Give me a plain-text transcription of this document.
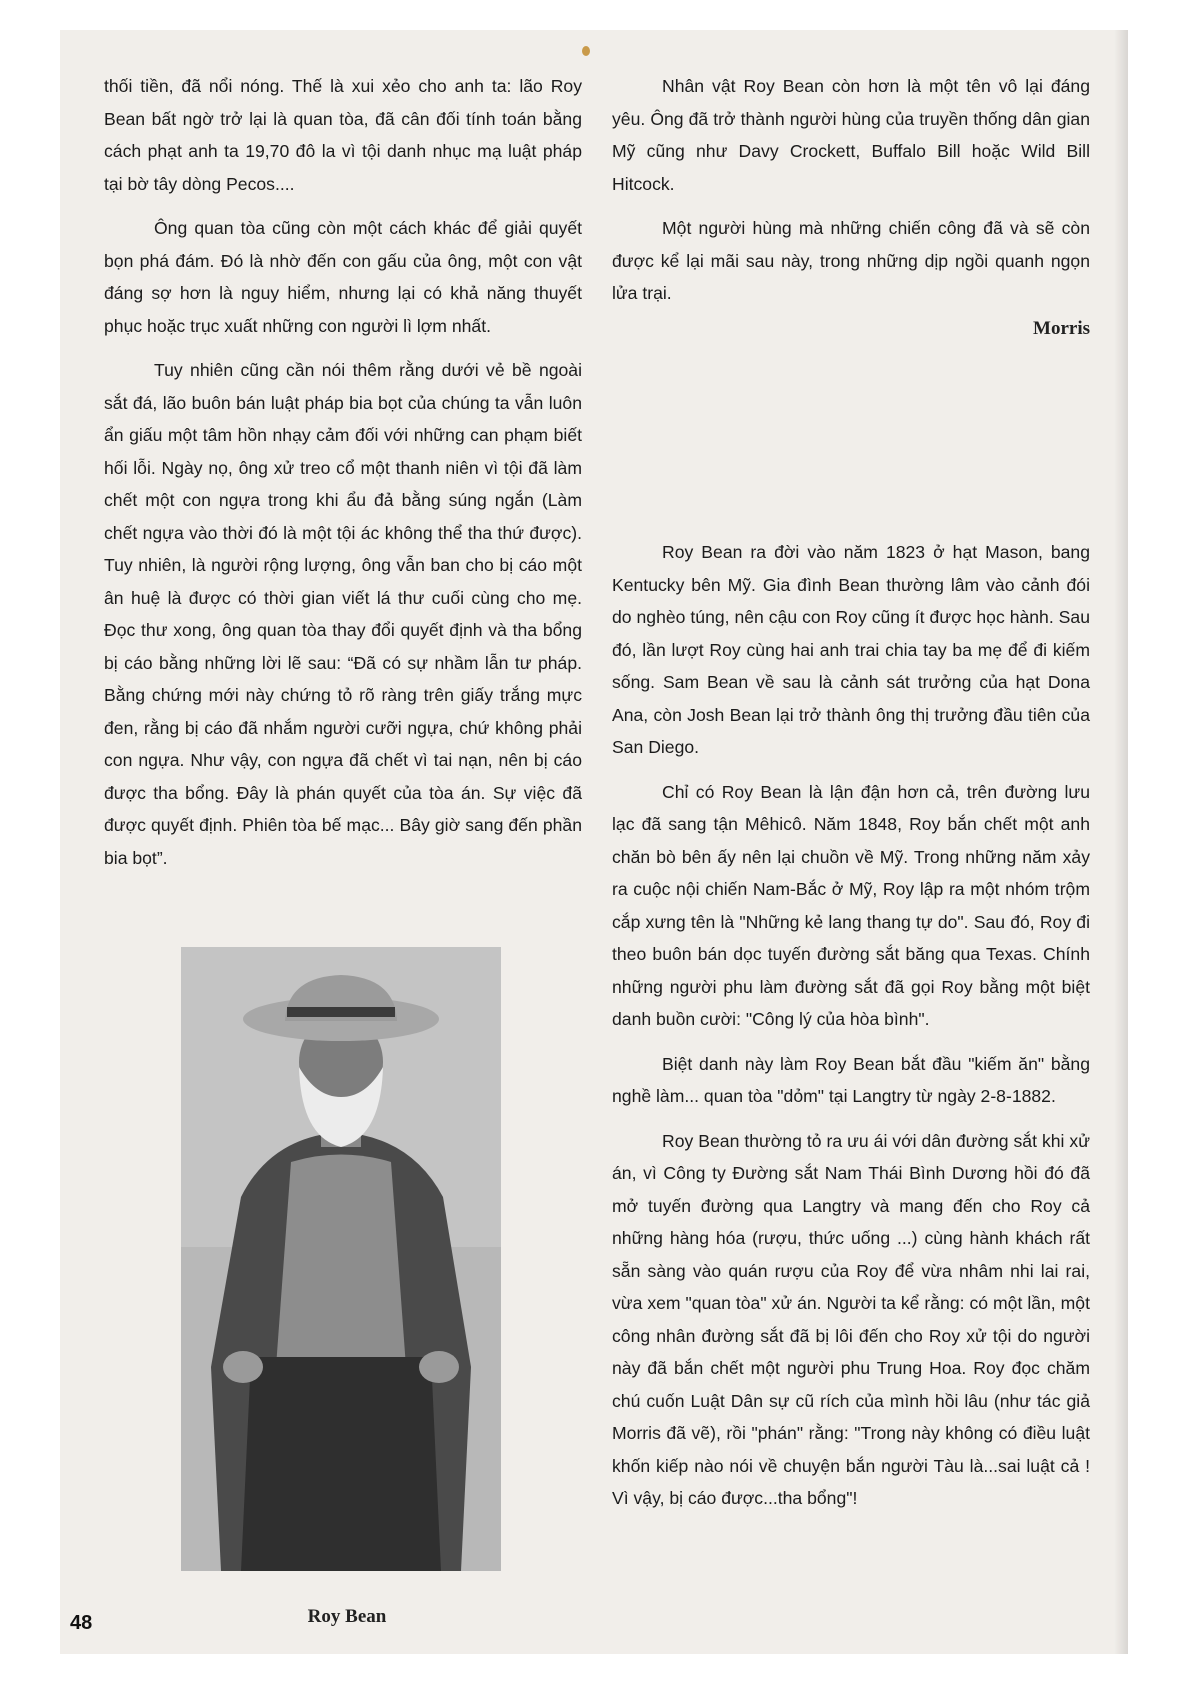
thối tiền, đã nổi nóng. Thế là xui xẻo cho anh ta: lão Roy Bean bất ngờ trở lại là quan tòa, đã cân đối tính toán bằng cách phạt anh ta 19,70 đô la vì tội danh nhục mạ luật pháp tại bờ tây dòng Pecos....

Ông quan tòa cũng còn một cách khác để giải quyết bọn phá đám. Đó là nhờ đến con gấu của ông, một con vật đáng sợ hơn là nguy hiểm, nhưng lại có khả năng thuyết phục hoặc trục xuất những con người lì lợm nhất.

Tuy nhiên cũng cần nói thêm rằng dưới vẻ bề ngoài sắt đá, lão buôn bán luật pháp bia bọt của chúng ta vẫn luôn ẩn giấu một tâm hồn nhạy cảm đối với những can phạm biết hối lỗi. Ngày nọ, ông xử treo cổ một thanh niên vì tội đã làm chết một con ngựa trong khi ẩu đả bằng súng ngắn (Làm chết ngựa vào thời đó là một tội ác không thể tha thứ được). Tuy nhiên, là người rộng lượng, ông vẫn ban cho bị cáo một ân huệ là được có thời gian viết lá thư cuối cùng cho mẹ. Đọc thư xong, ông quan tòa thay đổi quyết định và tha bổng bị cáo bằng những lời lẽ sau: “Đã có sự nhầm lẫn tư pháp. Bằng chứng mới này chứng tỏ rõ ràng trên giấy trắng mực đen, rằng bị cáo đã nhắm người cưỡi ngựa, chứ không phải con ngựa. Như vậy, con ngựa đã chết vì tai nạn, nên bị cáo được tha bổng. Đây là phán quyết của tòa án. Sự việc đã được quyết định. Phiên tòa bế mạc... Bây giờ sang đến phần bia bọt”.

Nhân vật Roy Bean còn hơn là một tên vô lại đáng yêu. Ông đã trở thành người hùng của truyền thống dân gian Mỹ cũng như Davy Crockett, Buffalo Bill hoặc Wild Bill Hitcock.

Một người hùng mà những chiến công đã và sẽ còn được kể lại mãi sau này, trong những dịp ngồi quanh ngọn lửa trại.

Morris

Roy Bean ra đời vào năm 1823 ở hạt Mason, bang Kentucky bên Mỹ. Gia đình Bean thường lâm vào cảnh đói do nghèo túng, nên cậu con Roy cũng ít được học hành. Sau đó, lần lượt Roy cùng hai anh trai chia tay ba mẹ để đi kiếm sống. Sam Bean về sau là cảnh sát trưởng của hạt Dona Ana, còn Josh Bean lại trở thành ông thị trưởng đầu tiên của San Diego.

Chỉ có Roy Bean là lận đận hơn cả, trên đường lưu lạc đã sang tận Mêhicô. Năm 1848, Roy bắn chết một anh chăn bò bên ấy nên lại chuồn về Mỹ. Trong những năm xảy ra cuộc nội chiến Nam-Bắc ở Mỹ, Roy lập ra một nhóm trộm cắp xưng tên là "Những kẻ lang thang tự do". Sau đó, Roy đi theo buôn bán dọc tuyến đường sắt băng qua Texas. Chính những người phu làm đường sắt đã gọi Roy bằng một biệt danh buồn cười: "Công lý của hòa bình".

Biệt danh này làm Roy Bean bắt đầu "kiếm ăn" bằng nghề làm... quan tòa "dỏm" tại Langtry từ ngày 2-8-1882.

Roy Bean thường tỏ ra ưu ái với dân đường sắt khi xử án, vì Công ty Đường sắt Nam Thái Bình Dương hồi đó đã mở tuyến đường qua Langtry và mang đến cho Roy cả những hàng hóa (rượu, thức uống ...) cùng hành khách rất sẵn sàng vào quán rượu của Roy để vừa nhâm nhi lai rai, vừa xem "quan tòa" xử án. Người ta kể rằng: có một lần, một công nhân đường sắt đã bị lôi đến cho Roy xử tội do người này đã bắn chết một người phu Trung Hoa. Roy đọc chăm chú cuốn Luật Dân sự cũ rích của mình hồi lâu (như tác giả Morris đã vẽ), rồi "phán" rằng: "Trong này không có điều luật khốn kiếp nào nói về chuyện bắn người Tàu là...sai luật cả ! Vì vậy, bị cáo được...tha bổng"!

Roy Bean
48
